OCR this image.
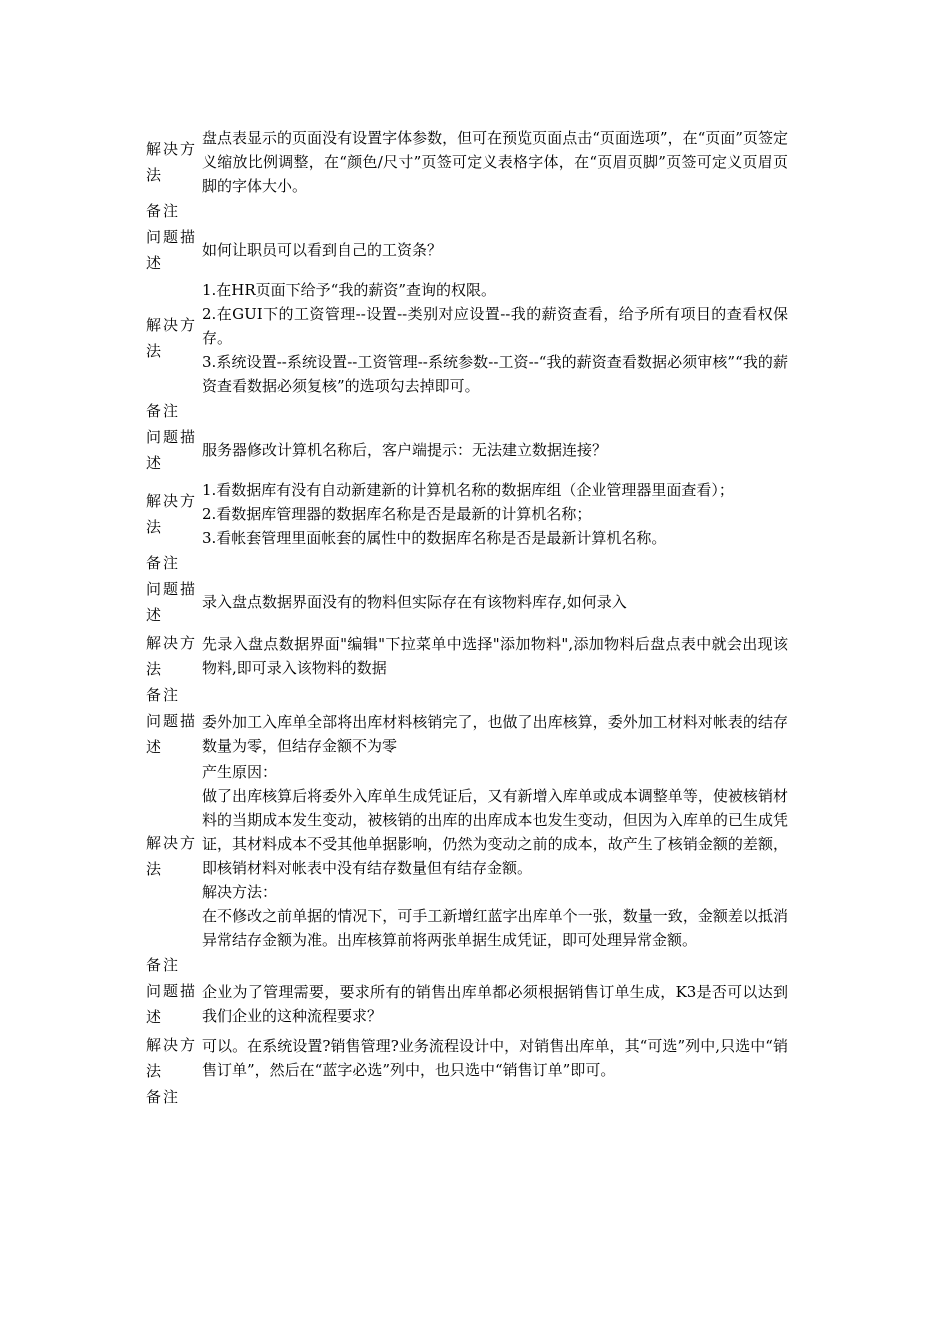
解决方法

盘点表显示的页面没有设置字体参数，但可在预览页面点击“页面选项”，在“页面”页签定义缩放比例调整，在“颜色/尺寸”页签可定义表格字体，在“页眉页脚”页签可定义页眉页脚的字体大小。

备注
问题描述
如何让职员可以看到自己的工资条？
解决方法

1.在HR页面下给予“我的薪资”查询的权限。

2.在GUI下的工资管理--设置--类别对应设置--我的薪资查看，给予所有项目的查看权保存。

3.系统设置--系统设置--工资管理--系统参数--工资--“我的薪资查看数据必须审核”“我的薪资查看数据必须复核”的选项勾去掉即可。

备注
问题描述
服务器修改计算机名称后，客户端提示：无法建立数据连接？
解决方法

1.看数据库有没有自动新建新的计算机名称的数据库组（企业管理器里面查看）；

2.看数据库管理器的数据库名称是否是最新的计算机名称；

3.看帐套管理里面帐套的属性中的数据库名称是否是最新计算机名称。

备注
问题描述
录入盘点数据界面没有的物料但实际存在有该物料库存,如何录入
解决方法

先录入盘点数据界面"编辑"下拉菜单中选择"添加物料",添加物料后盘点表中就会出现该物料,即可录入该物料的数据

备注
问题描述
委外加工入库单全部将出库材料核销完了，也做了出库核算，委外加工材料对帐表的结存数量为零，但结存金额不为零
解决方法

产生原因：

做了出库核算后将委外入库单生成凭证后，又有新增入库单或成本调整单等，使被核销材料的当期成本发生变动，被核销的出库的出库成本也发生变动，但因为入库单的已生成凭证，其材料成本不受其他单据影响，仍然为变动之前的成本，故产生了核销金额的差额，即核销材料对帐表中没有结存数量但有结存金额。

解决方法：

在不修改之前单据的情况下，可手工新增红蓝字出库单个一张，数量一致，金额差以抵消异常结存金额为准。出库核算前将两张单据生成凭证，即可处理异常金额。

备注
问题描述
企业为了管理需要，要求所有的销售出库单都必须根据销售订单生成，K3是否可以达到我们企业的这种流程要求？
解决方法

可以。在系统设置?销售管理?业务流程设计中，对销售出库单，其“可选”列中,只选中“销售订单”，然后在“蓝字必选”列中，也只选中“销售订单”即可。

备注
